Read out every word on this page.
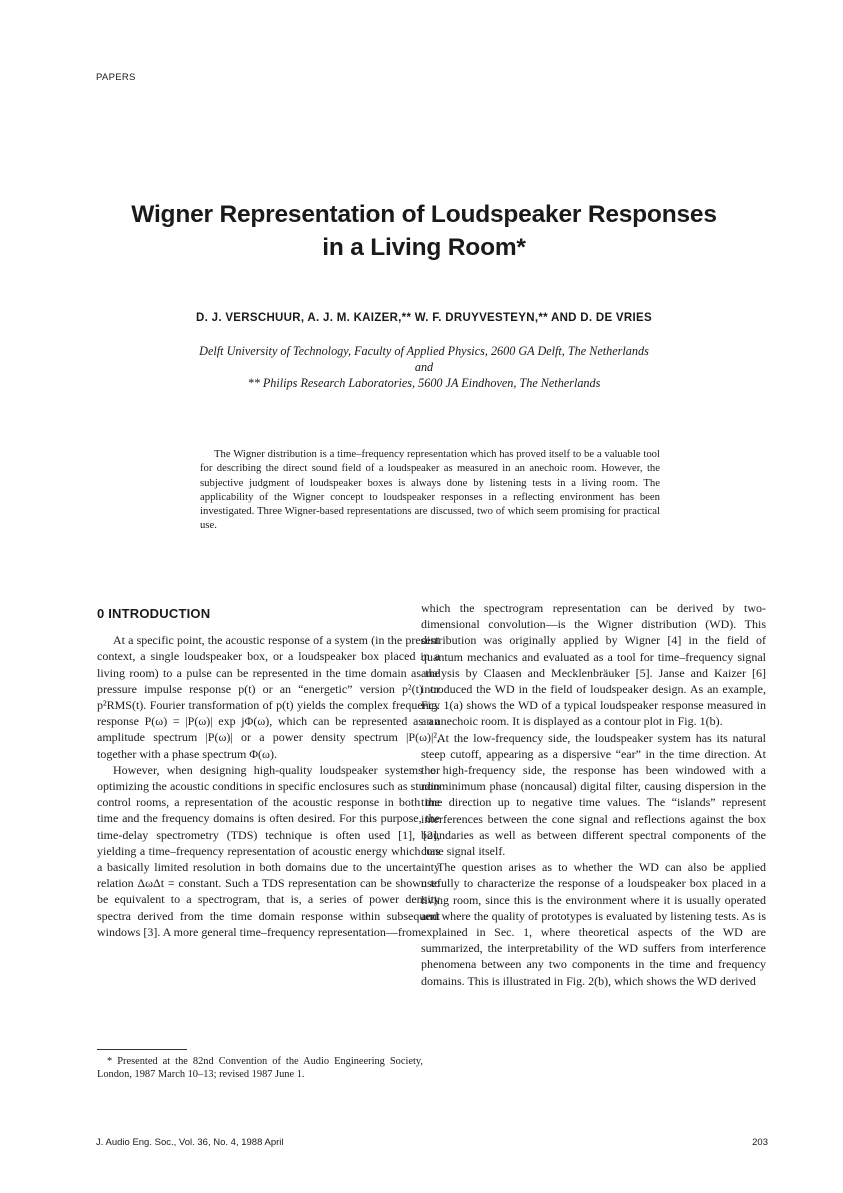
PAPERS
Wigner Representation of Loudspeaker Responses
in a Living Room*
D. J. VERSCHUUR, A. J. M. KAIZER,** W. F. DRUYVESTEYN,** AND D. DE VRIES
Delft University of Technology, Faculty of Applied Physics, 2600 GA Delft, The Netherlands
and
** Philips Research Laboratories, 5600 JA Eindhoven, The Netherlands
The Wigner distribution is a time–frequency representation which has proved itself to be a valuable tool for describing the direct sound field of a loudspeaker as measured in an anechoic room. However, the subjective judgment of loudspeaker boxes is always done by listening tests in a living room. The applicability of the Wigner concept to loudspeaker responses in a reflecting environment has been investigated. Three Wigner-based representations are discussed, two of which seem promising for practical use.
0 INTRODUCTION

At a specific point, the acoustic response of a system (in the present context, a single loudspeaker box, or a loudspeaker box placed in a living room) to a pulse can be represented in the time domain as the pressure impulse response p(t) or an “energetic” version p²(t) or p²RMS(t). Fourier transformation of p(t) yields the complex frequency response P(ω) = |P(ω)| exp jΦ(ω), which can be represented as an amplitude spectrum |P(ω)| or a power density spectrum |P(ω)|², together with a phase spectrum Φ(ω).

However, when designing high-quality loudspeaker systems or optimizing the acoustic conditions in specific enclosures such as studio control rooms, a representation of the acoustic response in both the time and the frequency domains is often desired. For this purpose, the time-delay spectrometry (TDS) technique is often used [1], [2], yielding a time–frequency representation of acoustic energy which has a basically limited resolution in both domains due to the uncertainty relation ΔωΔt = constant. Such a TDS representation can be shown to be equivalent to a spectrogram, that is, a series of power density spectra derived from the time domain response within subsequent windows [3]. A more general time–frequency representation—from

which the spectrogram representation can be derived by two-dimensional convolution—is the Wigner distribution (WD). This distribution was originally applied by Wigner [4] in the field of quantum mechanics and evaluated as a tool for time–frequency signal analysis by Claasen and Mecklenbräuker [5]. Janse and Kaizer [6] introduced the WD in the field of loudspeaker design. As an example, Fig. 1(a) shows the WD of a typical loudspeaker response measured in an anechoic room. It is displayed as a contour plot in Fig. 1(b).

At the low-frequency side, the loudspeaker system has its natural steep cutoff, appearing as a dispersive “ear” in the time direction. At the high-frequency side, the response has been windowed with a nonminimum phase (noncausal) digital filter, causing dispersion in the time direction up to negative time values. The “islands” represent interferences between the cone signal and reflections against the box boundaries as well as between different spectral components of the cone signal itself.

The question arises as to whether the WD can also be applied usefully to characterize the response of a loudspeaker box placed in a living room, since this is the environment where it is usually operated and where the quality of prototypes is evaluated by listening tests. As is explained in Sec. 1, where theoretical aspects of the WD are summarized, the interpretability of the WD suffers from interference phenomena between any two components in the time and frequency domains. This is illustrated in Fig. 2(b), which shows the WD derived

* Presented at the 82nd Convention of the Audio Engineering Society, London, 1987 March 10–13; revised 1987 June 1.
J. Audio Eng. Soc., Vol. 36, No. 4, 1988 April	203
